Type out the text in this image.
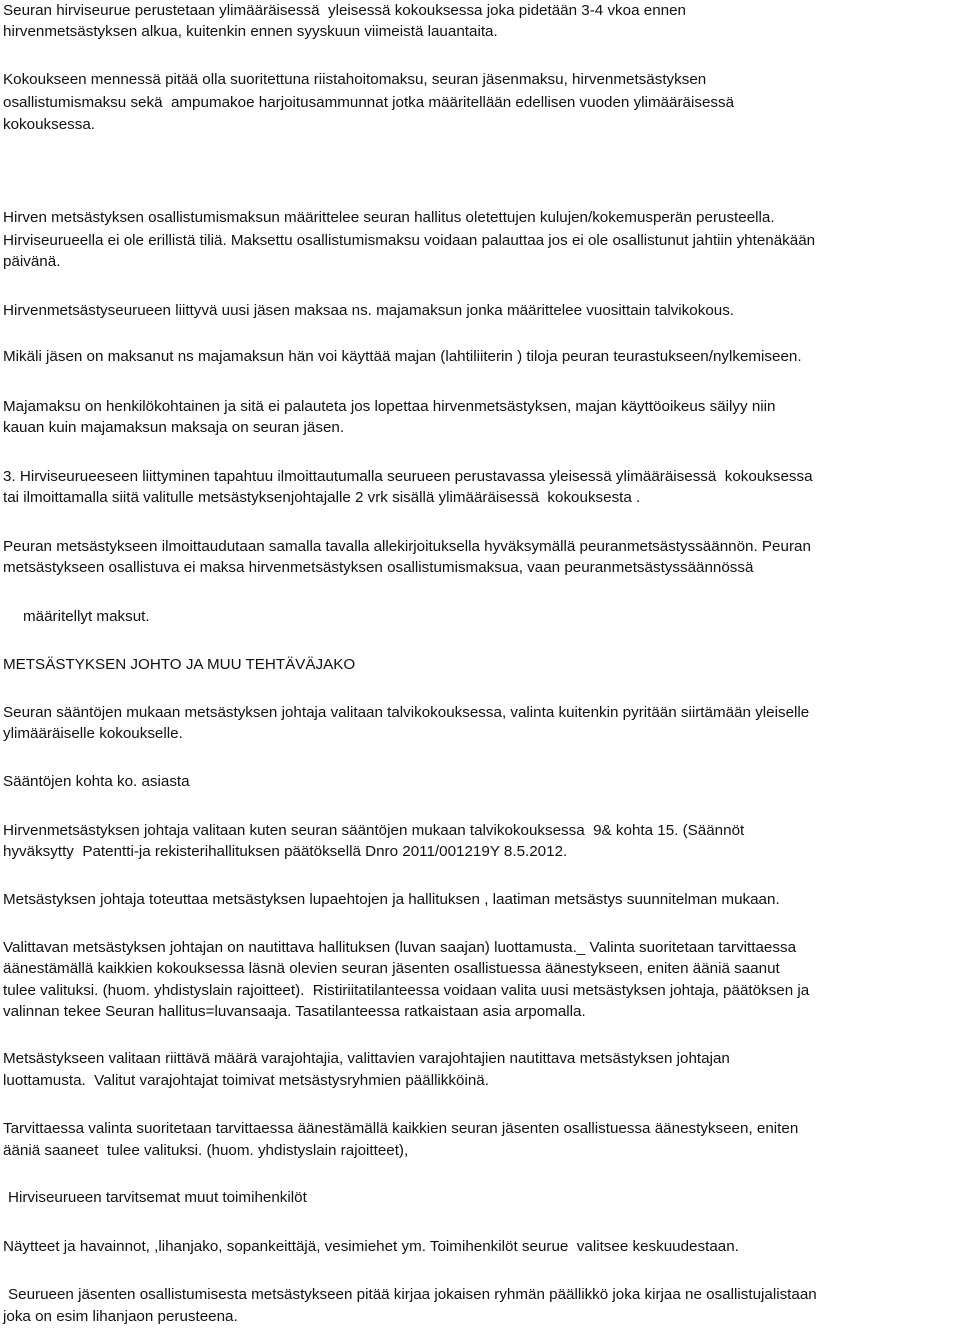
Seuran hirviseurue perustetaan ylimääräisessä  yleisessä kokouksessa joka pidetään 3-4 vkoa ennen
hirvenmetsästyksen alkua, kuitenkin ennen syyskuun viimeistä lauantaita.
Kokoukseen mennessä pitää olla suoritettuna riistahoitomaksu, seuran jäsenmaksu, hirvenmetsästyksen
osallistumismaksu sekä  ampumakoe harjoitusammunnat jotka määritellään edellisen vuoden ylimääräisessä
kokouksessa.
Hirven metsästyksen osallistumismaksun määrittelee seuran hallitus oletettujen kulujen/kokemusperän perusteella.
Hirviseurueella ei ole erillistä tiliä. Maksettu osallistumismaksu voidaan palauttaa jos ei ole osallistunut jahtiin yhtenäkään
päivänä.
Hirvenmetsästyseurueen liittyvä uusi jäsen maksaa ns. majamaksun jonka määrittelee vuosittain talvikokous.
Mikäli jäsen on maksanut ns majamaksun hän voi käyttää majan (lahtiliiterin ) tiloja peuran teurastukseen/nylkemiseen.
Majamaksu on henkilökohtainen ja sitä ei palauteta jos lopettaa hirvenmetsästyksen, majan käyttöoikeus säilyy niin
kauan kuin majamaksun maksaja on seuran jäsen.
3. Hirviseurueeseen liittyminen tapahtuu ilmoittautumalla seurueen perustavassa yleisessä ylimääräisessä  kokouksessa
tai ilmoittamalla siitä valitulle metsästyksenjohtajalle 2 vrk sisällä ylimääräisessä  kokouksesta .
Peuran metsästykseen ilmoittaudutaan samalla tavalla allekirjoituksella hyväksymällä peuranmetsästyssäännön. Peuran
metsästykseen osallistuva ei maksa hirvenmetsästyksen osallistumismaksua, vaan peuranmetsästyssäännössä
määritellyt maksut.
METSÄSTYKSEN JOHTO JA MUU TEHTÄVÄJAKO
Seuran sääntöjen mukaan metsästyksen johtaja valitaan talvikokouksessa, valinta kuitenkin pyritään siirtämään yleiselle
ylimääräiselle kokoukselle.
Sääntöjen kohta ko. asiasta
Hirvenmetsästyksen johtaja valitaan kuten seuran sääntöjen mukaan talvikokouksessa  9& kohta 15. (Säännöt
hyväksytty  Patentti-ja rekisterihallituksen päätöksellä Dnro 2011/001219Y 8.5.2012.
Metsästyksen johtaja toteuttaa metsästyksen lupaehtojen ja hallituksen , laatiman metsästys suunnitelman mukaan.
Valittavan metsästyksen johtajan on nautittava hallituksen (luvan saajan) luottamusta._ Valinta suoritetaan tarvittaessa
äänestämällä kaikkien kokouksessa läsnä olevien seuran jäsenten osallistuessa äänestykseen, eniten ääniä saanut
tulee valituksi. (huom. yhdistyslain rajoitteet).  Ristiriitatilanteessa voidaan valita uusi metsästyksen johtaja, päätöksen ja
valinnan tekee Seuran hallitus=luvansaaja. Tasatilanteessa ratkaistaan asia arpomalla.
Metsästykseen valitaan riittävä määrä varajohtajia, valittavien varajohtajien nautittava metsästyksen johtajan
luottamusta.  Valitut varajohtajat toimivat metsästysryhmien päällikköinä.
Tarvittaessa valinta suoritetaan tarvittaessa äänestämällä kaikkien seuran jäsenten osallistuessa äänestykseen, eniten
ääniä saaneet  tulee valituksi. (huom. yhdistyslain rajoitteet),
Hirviseurueen tarvitsemat muut toimihenkilöt
Näytteet ja havainnot, ,lihanjako, sopankeittäjä, vesimiehet ym. Toimihenkilöt seurue  valitsee keskuudestaan.
Seurueen jäsenten osallistumisesta metsästykseen pitää kirjaa jokaisen ryhmän päällikkö joka kirjaa ne osallistujalistaan
joka on esim lihanjaon perusteena.
